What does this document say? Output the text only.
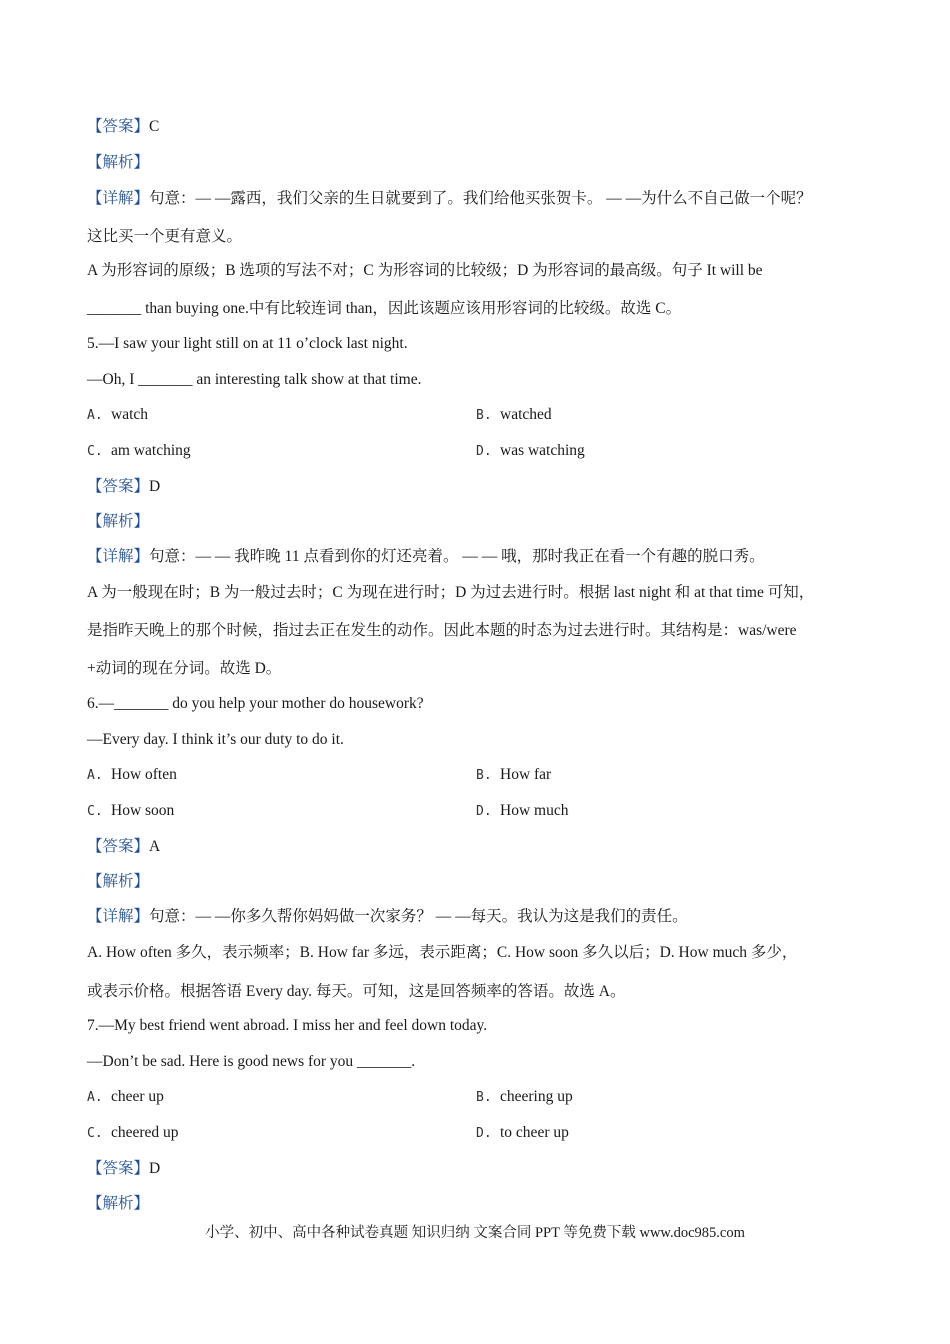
【答案】C
【解析】
【详解】句意：— —露西，我们父亲的生日就要到了。我们给他买张贺卡。 — —为什么不自己做一个呢？
这比买一个更有意义。
A 为形容词的原级；B 选项的写法不对；C 为形容词的比较级；D 为形容词的最高级。句子 It will be
_______ than buying one.中有比较连词 than，因此该题应该用形容词的比较级。故选 C。
5.—I saw your light still on at 11 o’clock last night.
—Oh, I _______ an interesting talk show at that time.
A. watch	B. watched
C. am watching	D. was watching
【答案】D
【解析】
【详解】句意：— — 我昨晚 11 点看到你的灯还亮着。 — — 哦，那时我正在看一个有趣的脱口秀。
A 为一般现在时；B 为一般过去时；C 为现在进行时；D 为过去进行时。根据 last night 和 at that time 可知，
是指昨天晚上的那个时候，指过去正在发生的动作。因此本题的时态为过去进行时。其结构是：was/were
+动词的现在分词。故选 D。
6.—_______ do you help your mother do housework?
—Every day. I think it’s our duty to do it.
A. How often	B. How far
C. How soon	D. How much
【答案】A
【解析】
【详解】句意：— —你多久帮你妈妈做一次家务？ — —每天。我认为这是我们的责任。
A. How often 多久，表示频率；B. How far 多远，表示距离；C. How soon 多久以后；D. How much 多少，
或表示价格。根据答语 Every day. 每天。可知，这是回答频率的答语。故选 A。
7.—My best friend went abroad. I miss her and feel down today.
—Don’t be sad. Here is good news for you _______.
A. cheer up	B. cheering up
C. cheered up	D. to cheer up
【答案】D
【解析】
小学、初中、高中各种试卷真题 知识归纳 文案合同 PPT 等免费下载 www.doc985.com
